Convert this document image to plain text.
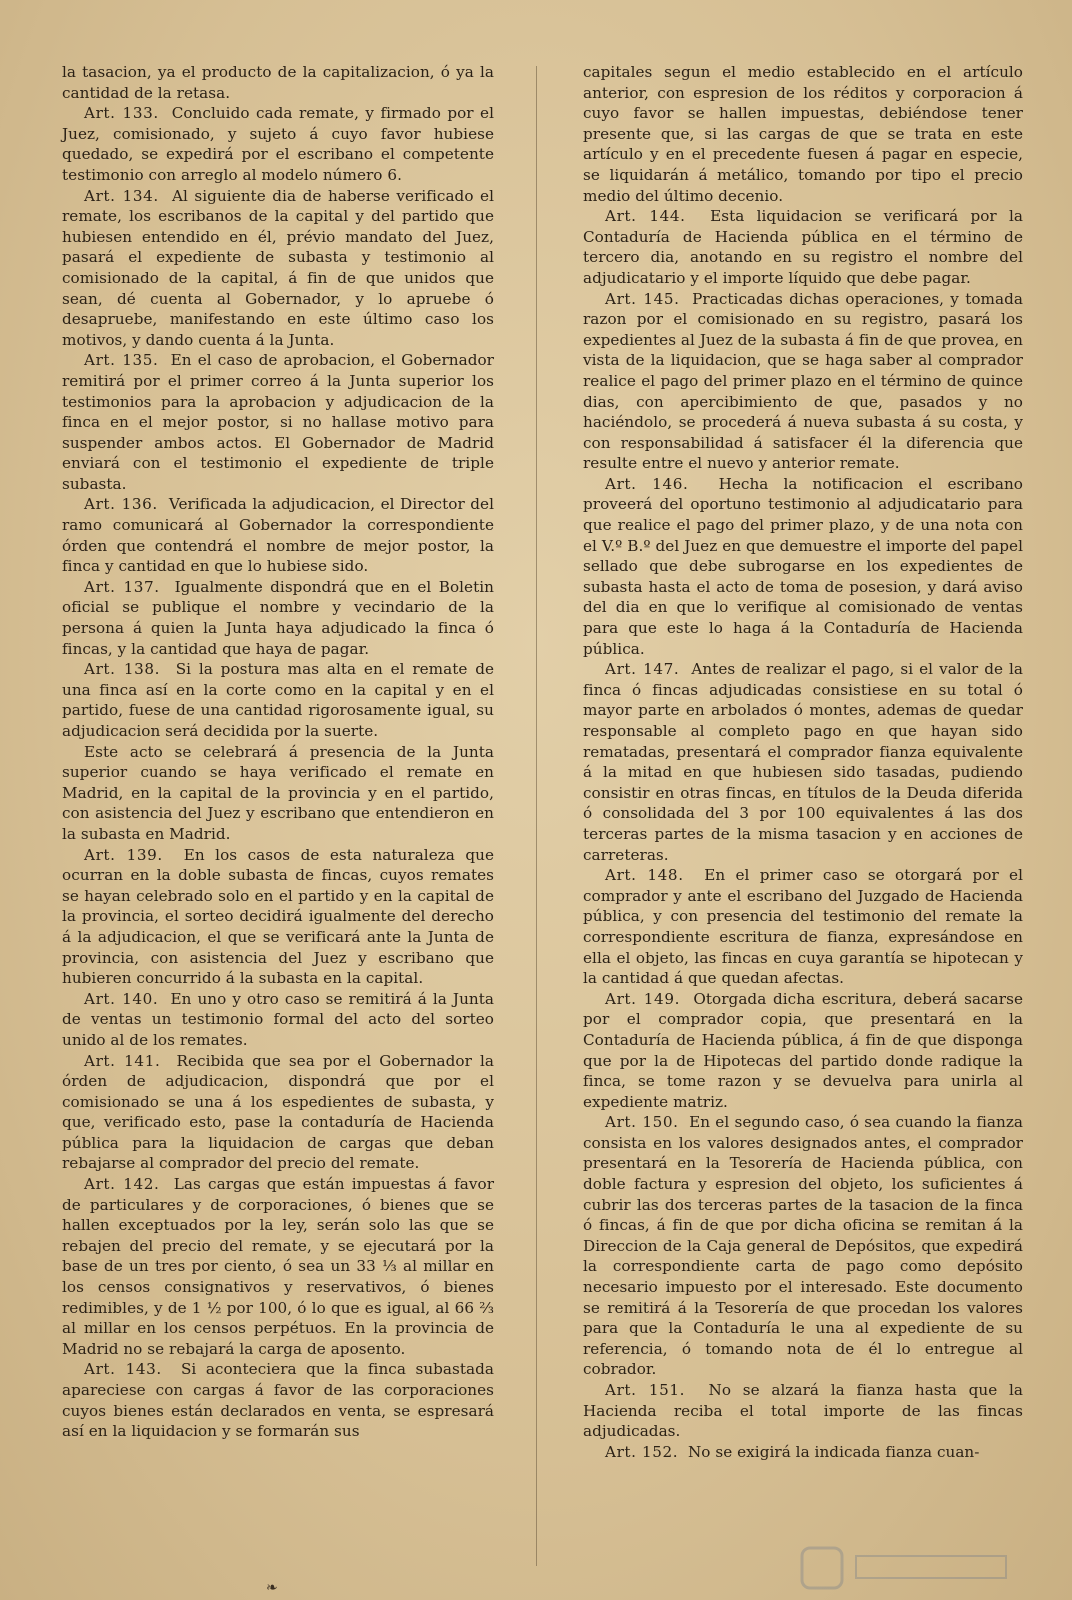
la tasacion, ya el producto de la capitalizacion, ó ya la cantidad de la retasa.

Art. 133. Concluido cada remate, y firmado por el Juez, comisionado, y sujeto á cuyo favor hubiese quedado, se expedirá por el escribano el competente testimonio con arreglo al modelo número 6.

Art. 134. Al siguiente dia de haberse verificado el remate, los escribanos de la capital y del partido que hubiesen entendido en él, prévio mandato del Juez, pasará el expediente de subasta y testimonio al comisionado de la capital, á fin de que unidos que sean, dé cuenta al Gobernador, y lo apruebe ó desapruebe, manifestando en este último caso los motivos, y dando cuenta á la Junta.

Art. 135. En el caso de aprobacion, el Gobernador remitirá por el primer correo á la Junta superior los testimonios para la aprobacion y adjudicacion de la finca en el mejor postor, si no hallase motivo para suspender ambos actos. El Gobernador de Madrid enviará con el testimonio el expediente de triple subasta.

Art. 136. Verificada la adjudicacion, el Director del ramo comunicará al Gobernador la correspondiente órden que contendrá el nombre de mejor postor, la finca y cantidad en que lo hubiese sido.

Art. 137. Igualmente dispondrá que en el Boletin oficial se publique el nombre y vecindario de la persona á quien la Junta haya adjudicado la finca ó fincas, y la cantidad que haya de pagar.

Art. 138. Si la postura mas alta en el remate de una finca así en la corte como en la capital y en el partido, fuese de una cantidad rigorosamente igual, su adjudicacion será decidida por la suerte.

Este acto se celebrará á presencia de la Junta superior cuando se haya verificado el remate en Madrid, en la capital de la provincia y en el partido, con asistencia del Juez y escribano que entendieron en la subasta en Madrid.

Art. 139. En los casos de esta naturaleza que ocurran en la doble subasta de fincas, cuyos remates se hayan celebrado solo en el partido y en la capital de la provincia, el sorteo decidirá igualmente del derecho á la adjudicacion, el que se verificará ante la Junta de provincia, con asistencia del Juez y escribano que hubieren concurrido á la subasta en la capital.

Art. 140. En uno y otro caso se remitirá á la Junta de ventas un testimonio formal del acto del sorteo unido al de los remates.

Art. 141. Recibida que sea por el Gobernador la órden de adjudicacion, dispondrá que por el comisionado se una á los espedientes de subasta, y que, verificado esto, pase la contaduría de Hacienda pública para la liquidacion de cargas que deban rebajarse al comprador del precio del remate.

Art. 142. Las cargas que están impuestas á favor de particulares y de corporaciones, ó bienes que se hallen exceptuados por la ley, serán solo las que se rebajen del precio del remate, y se ejecutará por la base de un tres por ciento, ó sea un 33 ⅓ al millar en los censos consignativos y reservativos, ó bienes redimibles, y de 1 ½ por 100, ó lo que es igual, al 66 ⅔ al millar en los censos perpétuos. En la provincia de Madrid no se rebajará la carga de aposento.

Art. 143. Si aconteciera que la finca subastada apareciese con cargas á favor de las corporaciones cuyos bienes están declarados en venta, se espresará así en la liquidacion y se formarán sus

capitales segun el medio establecido en el artículo anterior, con espresion de los réditos y corporacion á cuyo favor se hallen impuestas, debiéndose tener presente que, si las cargas de que se trata en este artículo y en el precedente fuesen á pagar en especie, se liquidarán á metálico, tomando por tipo el precio medio del último decenio.

Art. 144. Esta liquidacion se verificará por la Contaduría de Hacienda pública en el término de tercero dia, anotando en su registro el nombre del adjudicatario y el importe líquido que debe pagar.

Art. 145. Practicadas dichas operaciones, y tomada razon por el comisionado en su registro, pasará los expedientes al Juez de la subasta á fin de que provea, en vista de la liquidacion, que se haga saber al comprador realice el pago del primer plazo en el término de quince dias, con apercibimiento de que, pasados y no haciéndolo, se procederá á nueva subasta á su costa, y con responsabilidad á satisfacer él la diferencia que resulte entre el nuevo y anterior remate.

Art. 146. Hecha la notificacion el escribano proveerá del oportuno testimonio al adjudicatario para que realice el pago del primer plazo, y de una nota con el V.º B.º del Juez en que demuestre el importe del papel sellado que debe subrogarse en los expedientes de subasta hasta el acto de toma de posesion, y dará aviso del dia en que lo verifique al comisionado de ventas para que este lo haga á la Contaduría de Hacienda pública.

Art. 147. Antes de realizar el pago, si el valor de la finca ó fincas adjudicadas consistiese en su total ó mayor parte en arbolados ó montes, ademas de quedar responsable al completo pago en que hayan sido rematadas, presentará el comprador fianza equivalente á la mitad en que hubiesen sido tasadas, pudiendo consistir en otras fincas, en títulos de la Deuda diferida ó consolidada del 3 por 100 equivalentes á las dos terceras partes de la misma tasacion y en acciones de carreteras.

Art. 148. En el primer caso se otorgará por el comprador y ante el escribano del Juzgado de Hacienda pública, y con presencia del testimonio del remate la correspondiente escritura de fianza, expresándose en ella el objeto, las fincas en cuya garantía se hipotecan y la cantidad á que quedan afectas.

Art. 149. Otorgada dicha escritura, deberá sacarse por el comprador copia, que presentará en la Contaduría de Hacienda pública, á fin de que disponga que por la de Hipotecas del partido donde radique la finca, se tome razon y se devuelva para unirla al expediente matriz.

Art. 150. En el segundo caso, ó sea cuando la fianza consista en los valores designados antes, el comprador presentará en la Tesorería de Hacienda pública, con doble factura y espresion del objeto, los suficientes á cubrir las dos terceras partes de la tasacion de la finca ó fincas, á fin de que por dicha oficina se remitan á la Direccion de la Caja general de Depósitos, que expedirá la correspondiente carta de pago como depósito necesario impuesto por el interesado. Este documento se remitirá á la Tesorería de que procedan los valores para que la Contaduría le una al expediente de su referencia, ó tomando nota de él lo entregue al cobrador.

Art. 151. No se alzará la fianza hasta que la Hacienda reciba el total importe de las fincas adjudicadas.

Art. 152. No se exigirá la indicada fianza cuan-

❧
